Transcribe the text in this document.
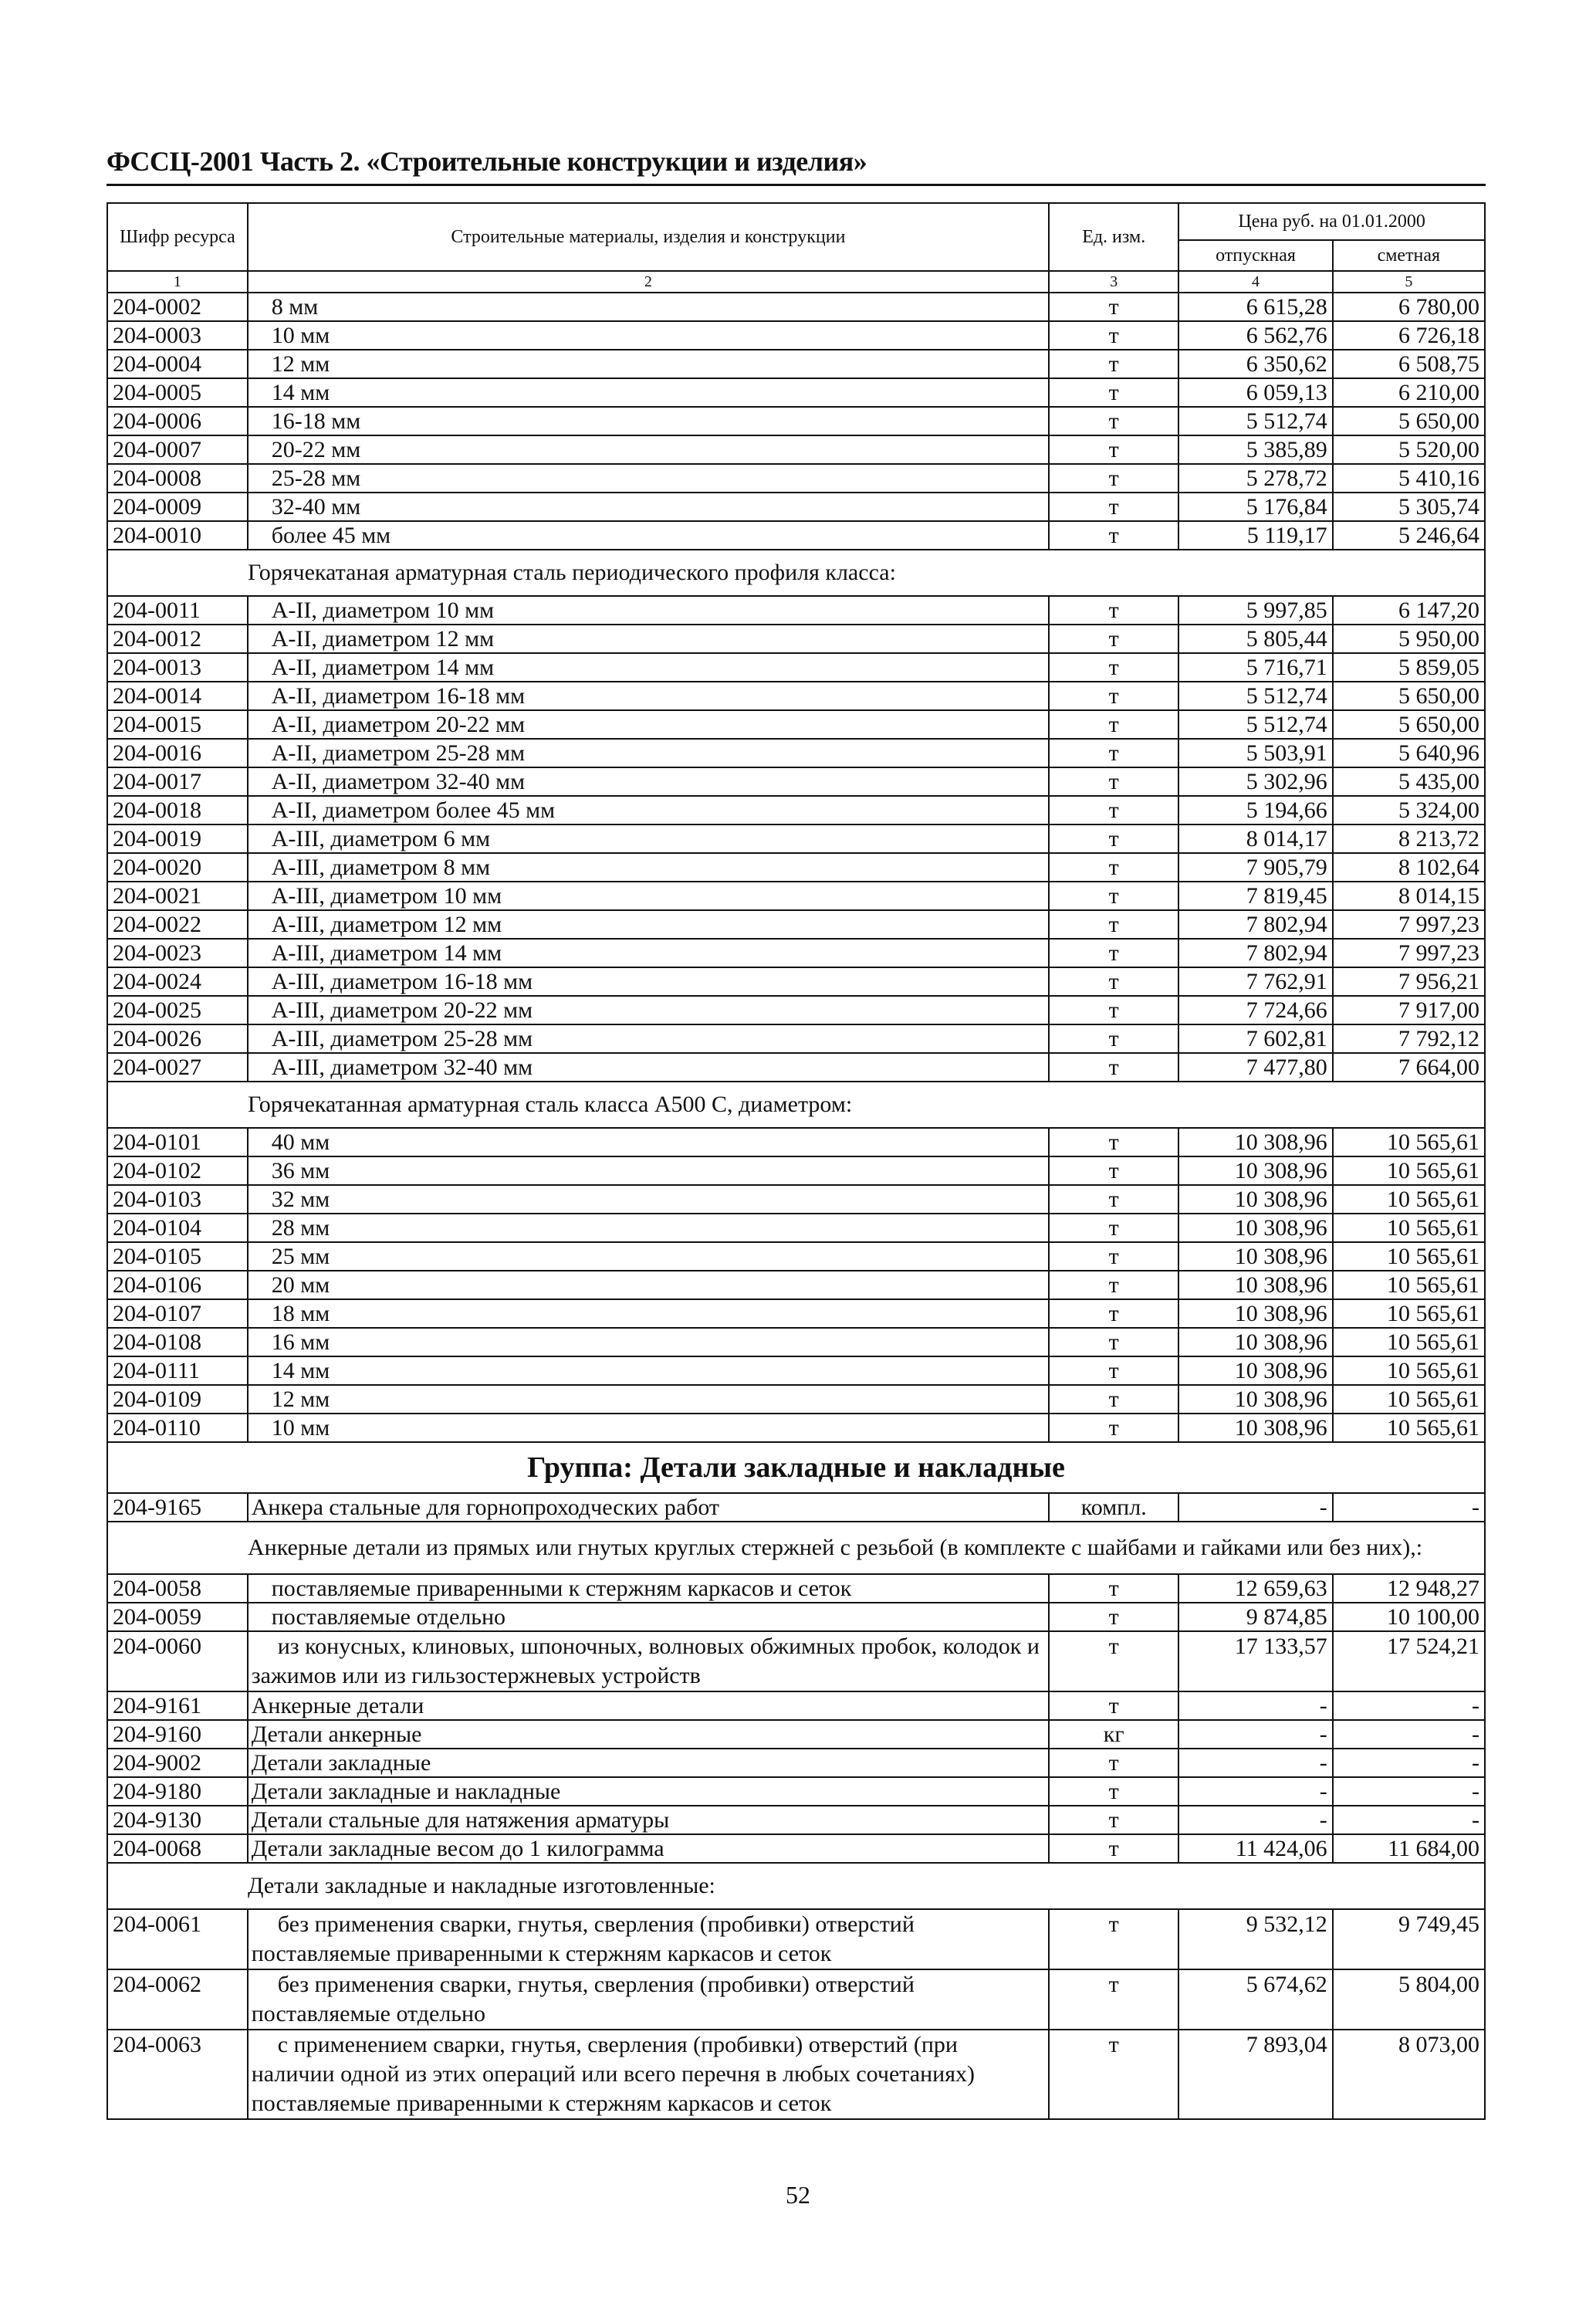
ФССЦ-2001 Часть 2. «Строительные конструкции и изделия»
Шифр ресурса	Строительные материалы, изделия и конструкции	Ед. изм.	Цена руб. на 01.01.2000	
			отпускная	сметная
1	2	3	4	5
204-0002	8 мм	т	6 615,28	6 780,00
204-0003	10 мм	т	6 562,76	6 726,18
204-0004	12 мм	т	6 350,62	6 508,75
204-0005	14 мм	т	6 059,13	6 210,00
204-0006	16-18 мм	т	5 512,74	5 650,00
204-0007	20-22 мм	т	5 385,89	5 520,00
204-0008	25-28 мм	т	5 278,72	5 410,16
204-0009	32-40 мм	т	5 176,84	5 305,74
204-0010	более 45 мм	т	5 119,17	5 246,64
Горячекатаная арматурная сталь периодического профиля класса:				
204-0011	А-II, диаметром 10 мм	т	5 997,85	6 147,20
204-0012	А-II, диаметром 12 мм	т	5 805,44	5 950,00
204-0013	А-II, диаметром 14 мм	т	5 716,71	5 859,05
204-0014	А-II, диаметром 16-18 мм	т	5 512,74	5 650,00
204-0015	А-II, диаметром 20-22 мм	т	5 512,74	5 650,00
204-0016	А-II, диаметром 25-28 мм	т	5 503,91	5 640,96
204-0017	А-II, диаметром 32-40 мм	т	5 302,96	5 435,00
204-0018	А-II, диаметром более 45 мм	т	5 194,66	5 324,00
204-0019	А-III, диаметром 6 мм	т	8 014,17	8 213,72
204-0020	А-III, диаметром 8 мм	т	7 905,79	8 102,64
204-0021	А-III, диаметром 10 мм	т	7 819,45	8 014,15
204-0022	А-III, диаметром 12 мм	т	7 802,94	7 997,23
204-0023	А-III, диаметром 14 мм	т	7 802,94	7 997,23
204-0024	А-III, диаметром 16-18 мм	т	7 762,91	7 956,21
204-0025	А-III, диаметром 20-22 мм	т	7 724,66	7 917,00
204-0026	А-III, диаметром 25-28 мм	т	7 602,81	7 792,12
204-0027	А-III, диаметром 32-40 мм	т	7 477,80	7 664,00
Горячекатанная арматурная сталь класса А500 С, диаметром:				
204-0101	40 мм	т	10 308,96	10 565,61
204-0102	36 мм	т	10 308,96	10 565,61
204-0103	32 мм	т	10 308,96	10 565,61
204-0104	28 мм	т	10 308,96	10 565,61
204-0105	25 мм	т	10 308,96	10 565,61
204-0106	20 мм	т	10 308,96	10 565,61
204-0107	18 мм	т	10 308,96	10 565,61
204-0108	16 мм	т	10 308,96	10 565,61
204-0111	14 мм	т	10 308,96	10 565,61
204-0109	12 мм	т	10 308,96	10 565,61
204-0110	10 мм	т	10 308,96	10 565,61
Группа: Детали закладные и накладные				
204-9165	Анкера стальные для горнопроходческих работ	компл.	-	-
Анкерные детали из прямых или гнутых круглых стержней с резьбой (в комплекте с шайбами и гайками или без них),:				
204-0058	поставляемые приваренными к стержням каркасов и сеток	т	12 659,63	12 948,27
204-0059	поставляемые отдельно	т	9 874,85	10 100,00
204-0060	из конусных, клиновых, шпоночных, волновых обжимных пробок, колодок и зажимов или из гильзостержневых устройств	т	17 133,57	17 524,21
204-9161	Анкерные детали	т	-	-
204-9160	Детали анкерные	кг	-	-
204-9002	Детали закладные	т	-	-
204-9180	Детали закладные и накладные	т	-	-
204-9130	Детали стальные для натяжения арматуры	т	-	-
204-0068	Детали закладные весом до 1 килограмма	т	11 424,06	11 684,00
Детали закладные и накладные изготовленные:				
204-0061	без применения сварки, гнутья, сверления (пробивки) отверстий поставляемые приваренными к стержням каркасов и сеток	т	9 532,12	9 749,45
204-0062	без применения сварки, гнутья, сверления (пробивки) отверстий поставляемые отдельно	т	5 674,62	5 804,00
204-0063	с применением сварки, гнутья, сверления (пробивки) отверстий (при наличии одной из этих операций или всего перечня в любых сочетаниях) поставляемые приваренными к стержням каркасов и сеток	т	7 893,04	8 073,00
52
